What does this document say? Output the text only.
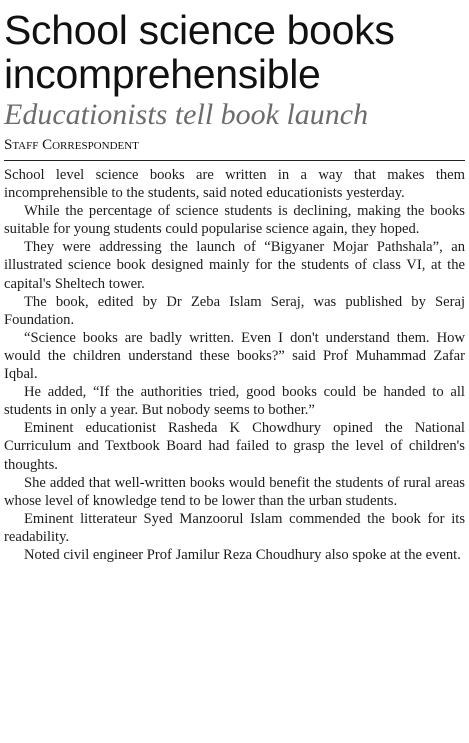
School science books
incomprehensible
Educationists tell book launch
Staff Correspondent

School level science books are written in a way that makes them incomprehensible to the students, said noted educationists yesterday.

While the percentage of science students is declining, making the books suitable for young students could popularise science again, they hoped.

They were addressing the launch of “Bigyaner Mojar Pathshala”, an illustrated science book designed mainly for the students of class VI, at the capital's Sheltech tower.

The book, edited by Dr Zeba Islam Seraj, was published by Seraj Foundation.

“Science books are badly written. Even I don't understand them. How would the children understand these books?” said Prof Muhammad Zafar Iqbal.

He added, “If the authorities tried, good books could be handed to all students in only a year. But nobody seems to bother.”

Eminent educationist Rasheda K Chowdhury opined the National Curriculum and Textbook Board had failed to grasp the level of children's thoughts.

She added that well-written books would benefit the students of rural areas whose level of knowledge tend to be lower than the urban students.

Eminent litterateur Syed Manzoorul Islam commended the book for its readability.

Noted civil engineer Prof Jamilur Reza Choudhury also spoke at the event.
